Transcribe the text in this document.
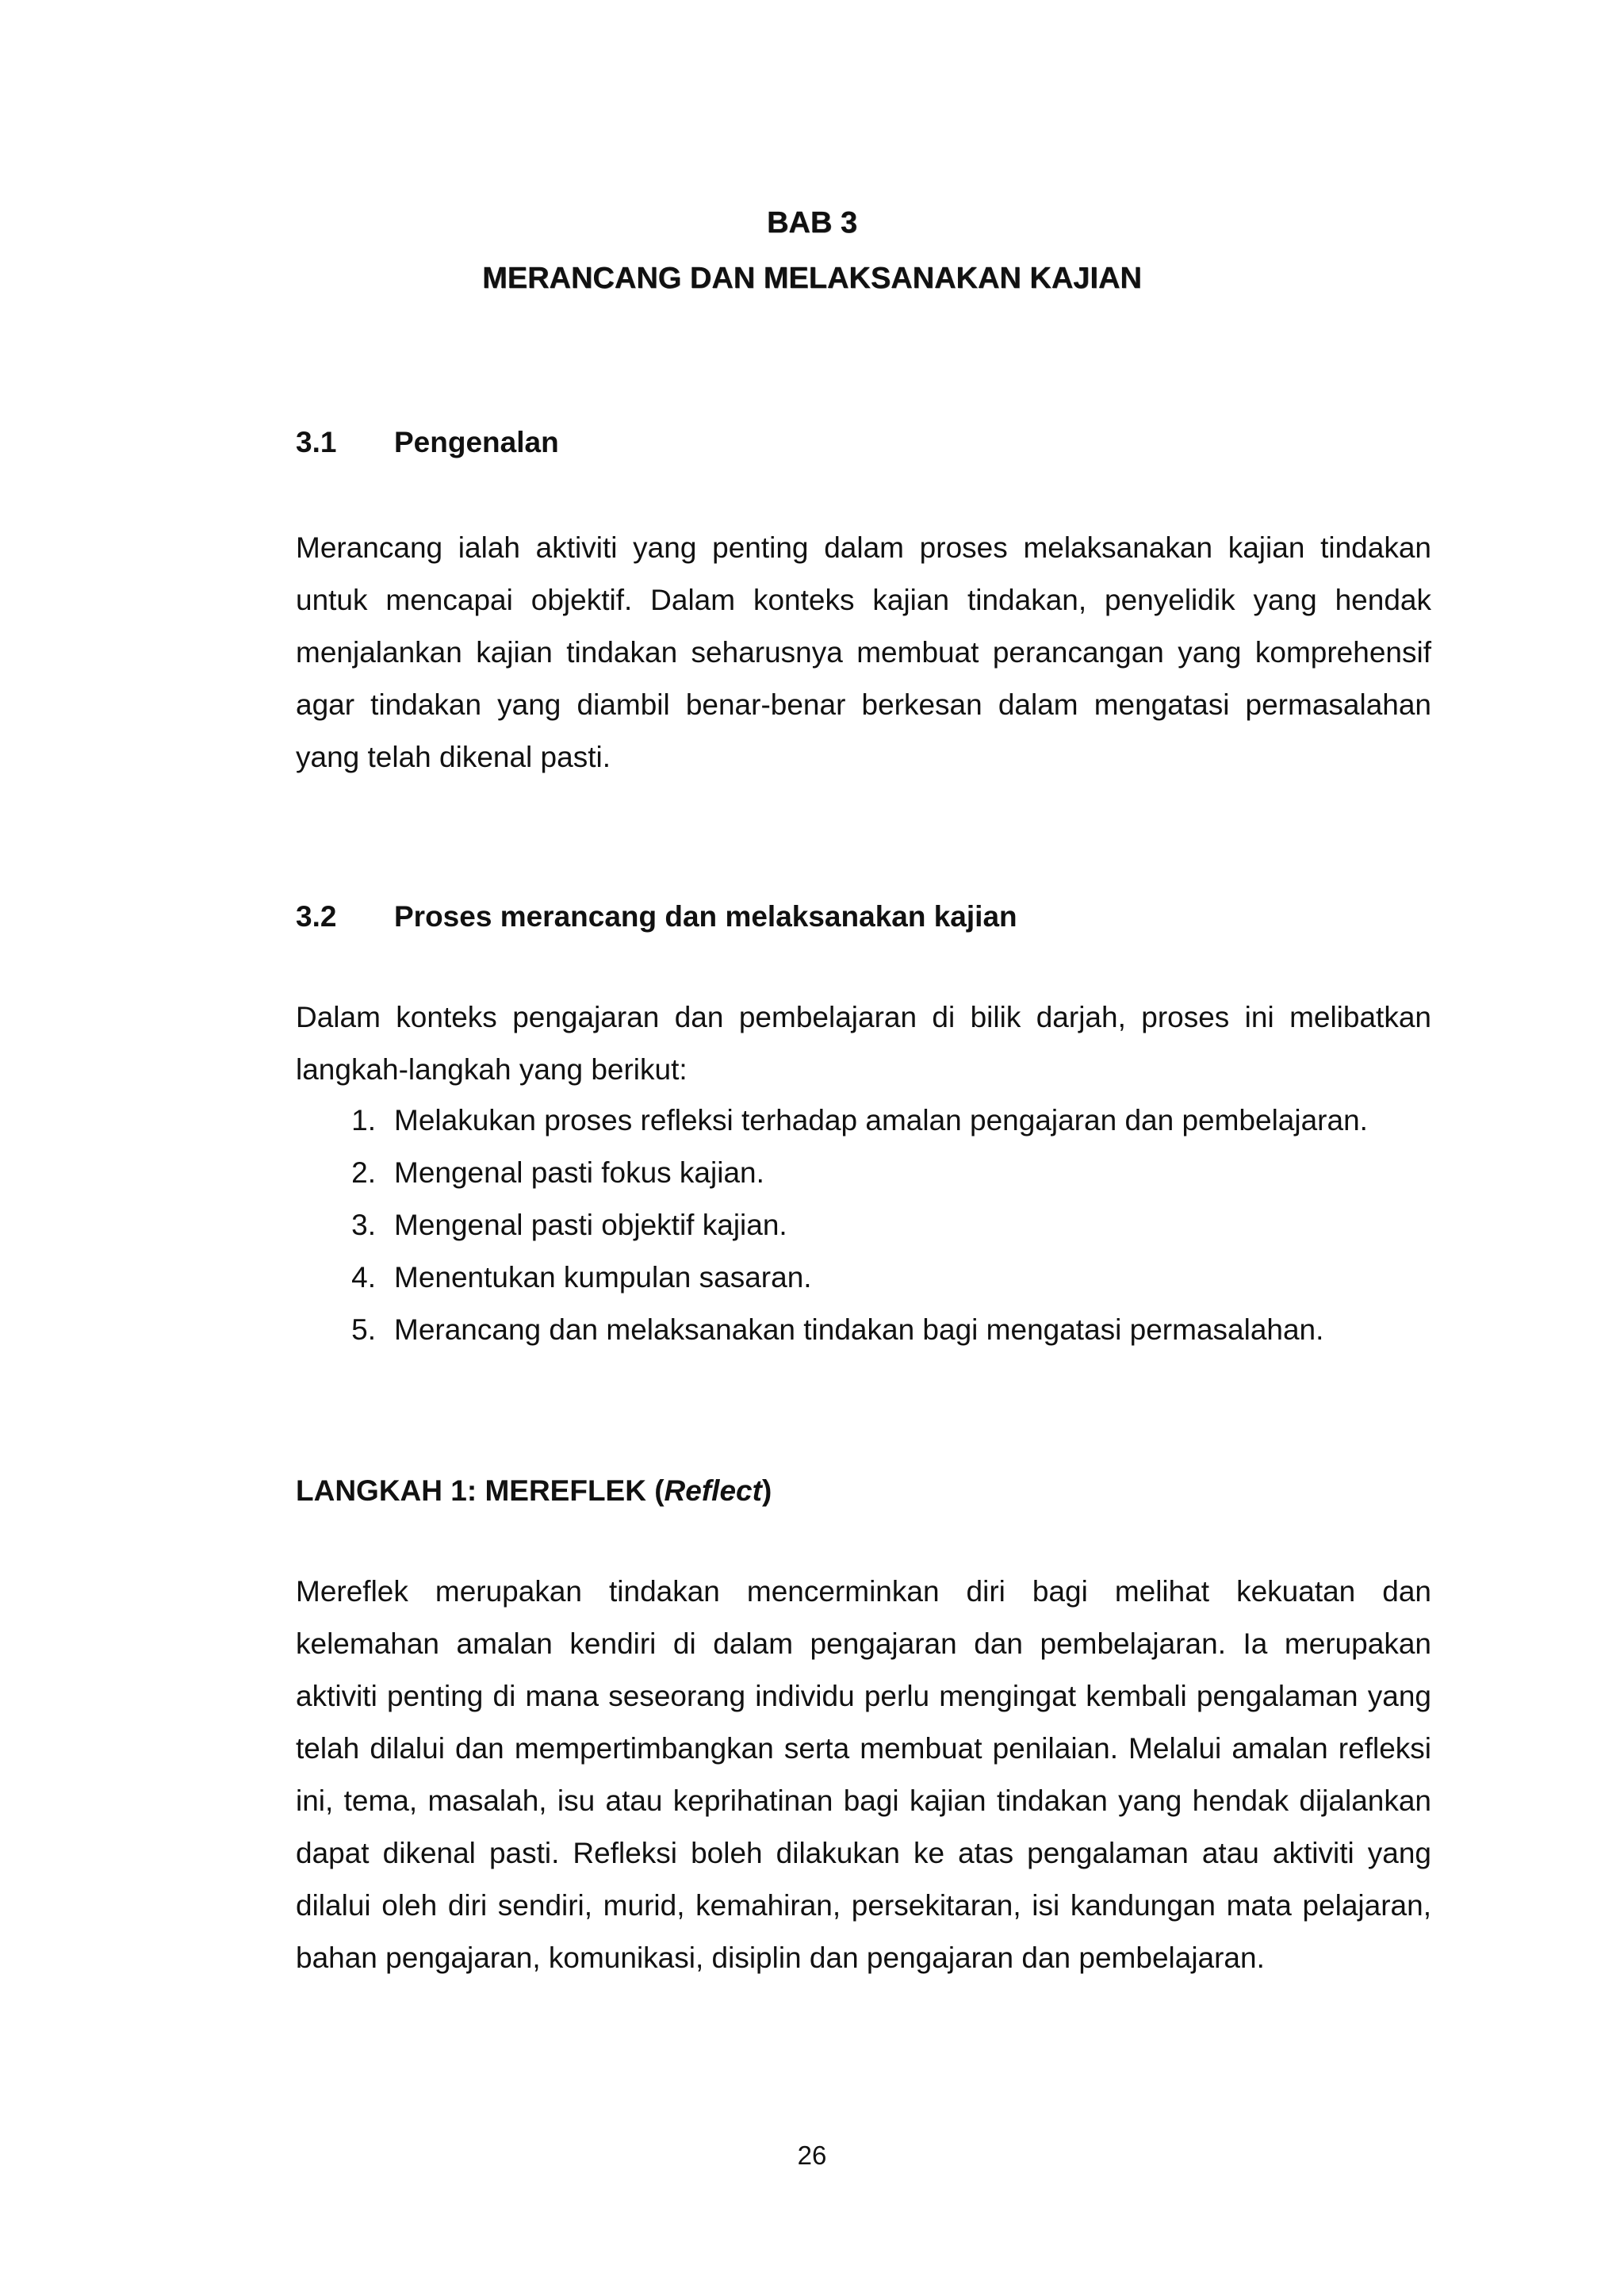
BAB 3
MERANCANG DAN MELAKSANAKAN KAJIAN
3.1 Pengenalan

Merancang ialah aktiviti yang penting dalam proses melaksanakan kajian tindakan untuk mencapai objektif. Dalam konteks kajian tindakan, penyelidik yang hendak menjalankan kajian tindakan seharusnya membuat perancangan yang komprehensif agar tindakan yang diambil benar-benar berkesan dalam mengatasi permasalahan yang telah dikenal pasti.

3.2 Proses merancang dan melaksanakan kajian

Dalam konteks pengajaran dan pembelajaran di bilik darjah, proses ini melibatkan langkah-langkah yang berikut:

1. Melakukan proses refleksi terhadap amalan pengajaran dan pembelajaran.
2. Mengenal pasti fokus kajian.
3. Mengenal pasti objektif kajian.
4. Menentukan kumpulan sasaran.
5. Merancang dan melaksanakan tindakan bagi mengatasi permasalahan.
LANGKAH 1: MEREFLEK (Reflect)

Mereflek merupakan tindakan mencerminkan diri bagi melihat kekuatan dan kelemahan amalan kendiri di dalam pengajaran dan pembelajaran. Ia merupakan aktiviti penting di mana seseorang individu perlu mengingat kembali pengalaman yang telah dilalui dan mempertimbangkan serta membuat penilaian. Melalui amalan refleksi ini, tema, masalah, isu atau keprihatinan bagi kajian tindakan yang hendak dijalankan dapat dikenal pasti. Refleksi boleh dilakukan ke atas pengalaman atau aktiviti yang dilalui oleh diri sendiri, murid, kemahiran, persekitaran, isi kandungan mata pelajaran, bahan pengajaran, komunikasi, disiplin dan pengajaran dan pembelajaran.

26
